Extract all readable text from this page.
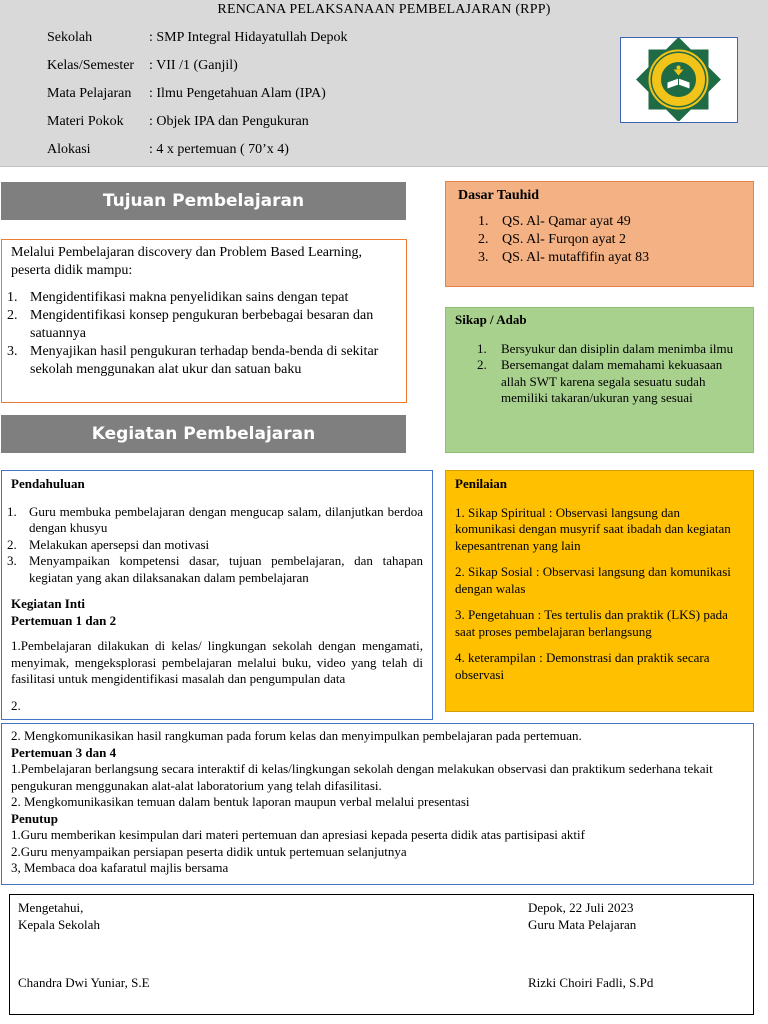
RENCANA PELAKSANAAN PEMBELAJARAN (RPP)
Sekolah	: SMP Integral Hidayatullah Depok
Kelas/Semester : VII /1 (Ganjil)
Mata Pelajaran : Ilmu Pengetahuan Alam (IPA)
Materi Pokok : Objek IPA dan Pengukuran
Alokasi	: 4 x pertemuan ( 70’x 4)
Tujuan Pembelajaran

Melalui Pembelajaran discovery dan Problem Based Learning, peserta didik mampu:

1. Mengidentifikasi makna penyelidikan sains dengan tepat
2. Mengidentifikasi konsep pengukuran berbebagai besaran dan satuannya
3. Menyajikan hasil pengukuran terhadap benda-benda di sekitar sekolah menggunakan alat ukur dan satuan baku

Dasar Tauhid

1. QS. Al- Qamar ayat 49
2. QS. Al- Furqon ayat 2
3. QS. Al- mutaffifin ayat 83

Sikap / Adab

1. Bersyukur dan disiplin dalam menimba ilmu
2. Bersemangat dalam memahami kekuasaan allah SWT karena segala sesuatu sudah memiliki takaran/ukuran yang sesuai
Kegiatan Pembelajaran

Pendahuluan

1. Guru membuka pembelajaran dengan mengucap salam, dilanjutkan berdoa dengan khusyu
2. Melakukan apersepsi dan motivasi
3. Menyampaikan kompetensi dasar, tujuan pembelajaran, dan tahapan kegiatan yang akan dilaksanakan dalam pembelajaran

Kegiatan Inti

Pertemuan 1 dan 2

1.Pembelajaran dilakukan di kelas/ lingkungan sekolah dengan mengamati, menyimak, mengeksplorasi pembelajaran melalui buku, video yang telah di fasilitasi untuk mengidentifikasi masalah dan pengumpulan data

2.

Penilaian

1. Sikap Spiritual : Observasi langsung dan komunikasi dengan musyrif saat ibadah dan kegiatan kepesantrenan yang lain

2. Sikap Sosial : Observasi langsung dan komunikasi dengan walas

3. Pengetahuan : Tes tertulis dan praktik (LKS) pada saat proses pembelajaran berlangsung

4. keterampilan : Demonstrasi dan praktik secara observasi

2. Mengkomunikasikan hasil rangkuman pada forum kelas dan menyimpulkan pembelajaran pada pertemuan.

Pertemuan 3 dan 4

1.Pembelajaran berlangsung secara interaktif di kelas/lingkungan sekolah dengan melakukan observasi dan praktikum sederhana tekait pengukuran menggunakan alat-alat laboratorium yang telah difasilitasi.

2. Mengkomunikasikan temuan dalam bentuk laporan maupun verbal melalui presentasi

Penutup

1.Guru memberikan kesimpulan dari materi pertemuan dan apresiasi kepada peserta didik atas partisipasi aktif

2.Guru menyampaikan persiapan peserta didik untuk pertemuan selanjutnya

3, Membaca doa kafaratul majlis bersama

Mengetahui,

Kepala Sekolah

Chandra Dwi Yuniar, S.E

Depok, 22 Juli 2023

Guru Mata Pelajaran

Rizki Choiri Fadli, S.Pd
